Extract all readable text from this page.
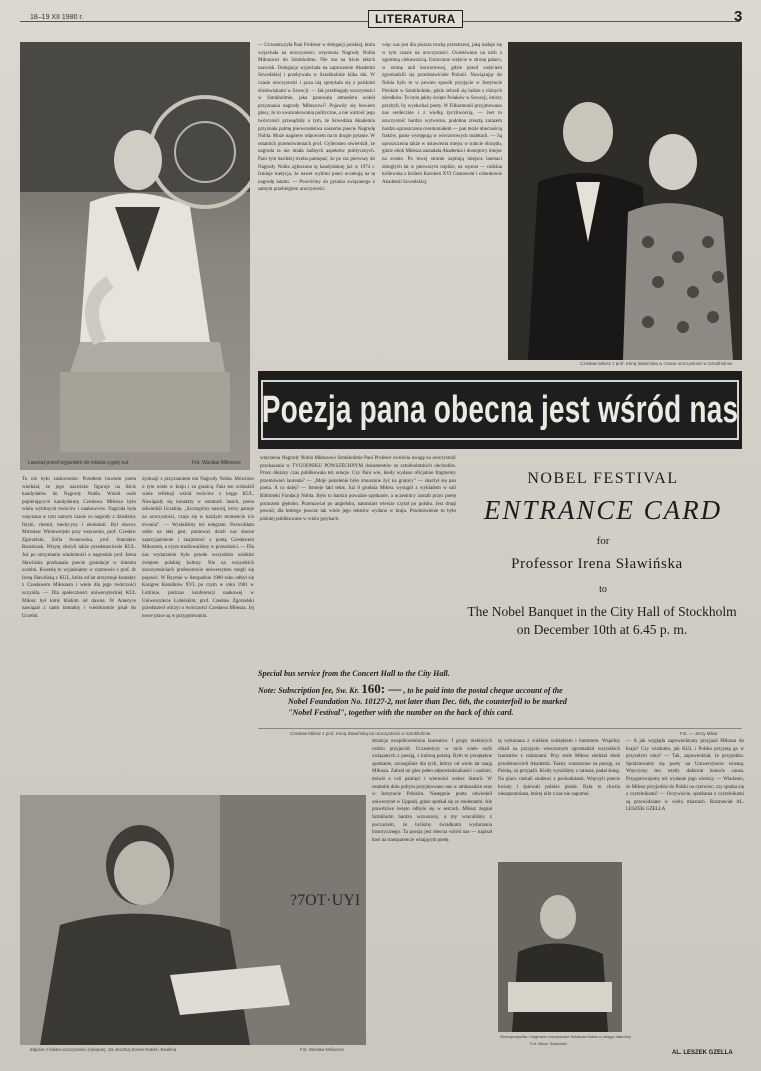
18–19 XII 1980 r.	LITERATURA	3
Laureat przed wyjazdem do miasta cygdy nut	Fot. Wacław Milinerus

— Uczestniczyła Pani Profesor w delegacji polskiej, która wyjechała na uroczystości wręczenia Nagrody Nobla Miłoszowi do Sztokholmu. Nie ma na liście takich nazwisk. Delegacja wyjechała na zaproszenie Akademii Szwedzkiej i przebywała w Sztokholmie kilka dni. W czasie uroczystości i poza nią spotykała się z polskimi środowiskami w Szwecji. — Jak przebiegały uroczystości w Sztokholmie, jaka panowała atmosfera wokół przyznania nagrody Miłoszowi? Pojawiły się bowiem głosy, że to uwarunkowania polityczne, a nie wartość jego twórczości przesądziły o tym, że Szwedzka Akademia przyznała palmę pierwszeństwa naszemu poecie Nagrodę Nobla. Może najpierw odpowiem na to drugie pytanie. W ostatnich przemówieniach prof. Gyllensten stwierdził, że nagroda ta nie miała żadnych aspektów politycznych. Pani tym bardziej trzeba pamiętać, że po raz pierwszy do Nagrody Nobla zgłoszono tę kandydaturę już w 1974 r. Istnieje tradycja, że nawet wybitni poeci oczekują na tę nagrodę latami. — Powróćmy do pytania związanego z samym przebiegiem uroczystości.

więc nas jest dla pisarza trochę przestrzeni, jaką nadaje się w tym czasie na uroczystości. Oczekiwano na nich z ogromną ciekawością. Ustawiono wejście w stronę pałacu, w stronę auli koncertowej, gdzie przed wejściem zgromadzili się przedstawiciele Polonii. Nawiązując do Nobla było to w pewien sposób przyjęcie w Instytucie Polskim w Sztokholmie, gdzie zebrali się ludzie z różnych ośrodków. To było jakby święto Polaków w Szwecji, którzy przybyli, by wysłuchać poety. W Filharmonii przyjmowano nas serdecznie i z wielką życzliwością. — Jest to uroczystość bardzo wytworna, podobna zresztą zarazem bardzo uproszczona ceremoniałem — pan może obecnością fraków, panie występują w wieczorowych toaletach. — Są uproszczenia także w ustawieniu miejsc w trakcie obrzędu, gdzie obok Miłosza zasiadała Akademia i dostojnicy miejsc na scenie. Po lewej stronie zajmują miejsca laureaci ubiegłych lat w pierwszym rzędzie, na wprost — rodzina królewska z królem Karolem XVI Gustawem i członkowie Akademii Szwedzkiej.

Czesław Miłosz z prof. Ireną Sławińską w czasie uroczystości w Sztokholmie
Poezja pana obecna jest wśród nas

To nie było zaskoczenie. Przedtem bowiem poeta wiedział, że jego nazwisko figuruje na liście kandydatów do Nagrody Nobla. Wśród osób popierających kandydaturę Czesława Miłosza było wielu wybitnych twórców i naukowców. Nagroda była wręczana w tym samym czasie co nagrody z dziedziny fizyki, chemii, medycyny i ekonomii. Był obecny Mirosław Wielowiejski przy wręczeniu, prof. Czesław Zgorzelski, Zofia Iwanowska, prof. Stanisław Barańczak. Wizytę złożyli także przedstawiciele KUL. Już po otrzymaniu wiadomości o nagrodzie prof. Irena Sławińska przekazała poecie gratulacje w imieniu uczelni. Kwestię to wyjaśniamy w rozmowie z prof. dr Ireną Sławińską z KUL, która od lat utrzymuje kontakty z Czesławem Miłoszem i wiele dla jego twórczości uczyniła. — Dla społeczności uniwersyteckiej KUL Miłosz był kimś bliskim od dawna. W Ameryce nawiązał z nami kontakty i wielokrotnie pisał do Uczelni.

dyskusji z przyznaniem mu Nagrody Nobla. Mówiono o tym wiele w kraju i za granicą. Fakt ten wzbudził wiele refleksji wśród twórców z kręgu KUL. Nawiązały się kontakty w ostatnich latach, poeta odwiedził Uczelnię. „Szczególny nastrój, który panuje na uroczystości, czuje się w każdym momencie ich trwania”. — Wysłaliśmy też telegram. Pozwoliłam sobie na taki gest, ponieważ dzieli nas dawne zaprzyjaźnienie i znajomość z poetą Czesławem Miłoszem, a czym studiowaliśmy w przeszłości. — Dla nas wydarzenie było przede wszystkim wielkim świętem polskiej kultury. Nie na wszystkich uroczystościach profesorowie uniwersytetu mogli się pojawić. W Rzymie w listopadzie 1980 roku odbył się Kongres Katolików XVI, po czym w roku 1981 w Lublinie, podczas konferencji naukowej w Uniwersytecie Lubelskim, prof. Czesław Zgorzelski przedstawił odczyt o twórczości Czesława Miłosza. Jej nowe prace są w przygotowaniu.

wręczenia Nagrody Nobla Miłoszowi Sztokholmie Pani Profesor zwróciła uwagę na uroczystość przekazania w TYGODNIKU POWSZECHNYM dokumentów ze sztokholmskich obchodów. Przez dłuższy czas publikowała też relacje. Czy Pani wie, kiedy wydano oficjalnie fragmenty przemówień laureata? — „Moje pokolenie było zmuszone żyć na granicy” — skarżył się pan poeta. A co dalej? — Istnieje taki tekst. Już 8 grudnia Miłosz wystąpił z wykładem w sali Biblioteki Fundacji Nobla. Było to bardzo poważne spotkanie, a uczestnicy zostali przez poetę poruszeni głęboko. Przemawiał po angielsku, natomiast wiersze czytał po polsku. Jest drugi powód, dla którego jeszcze tak wiele jego tekstów wydano w kraju. Przemówienie to było później publikowane w wielu językach.

NOBEL FESTIVAL
ENTRANCE CARD
for
Professor Irena Sławińska
to
The Nobel Banquet in the City Hall of Stockholm
on December 10th at 6.45 p. m.
Special bus service from the Concert Hall to the City Hall.
Note: Subscription fee, Sw. Kr. 160: — , to be paid into the postal cheque account of the
Nobel Foundation No. 10127-2, not later than Dec. 6th, the counterfoil to be marked
"Nobel Festival", together with the number on the back of this card.
Czesław Miłosz z prof. Ireną Sławińską na uroczystości w Sztokholmie.	Fot. — Jerzy Mikar
?7OT·UYI
Zdjęcie z bliska uroczystości (rękopis). Za otoczką Scene Nobel i Ewelina	Fot. Wacław Milinerus

strukcja uwspółcześniona laureatów. I grupy niektórych rodzin przyjaciół. Uczestniczy w nich wiele osób związanych z poezją, z kulturą polską. Było to przepiękne spotkanie, szczególnie dla tych, którzy od wielu lat znają Miłosza. Zabrał on głos pełen odpowiedzialności i nadziei, mówił o roli pamięci i wierności wobec historii. W ostatnim dniu pobytu przyjmowano nas w ambasadzie oraz w Instytucie Polskim. Następnie poeta odwiedził uniwersytet w Uppsali, gdzie spotkał się ze studentami. Ale prawdziwe święto odbyło się w sercach. Miłosz żegnał Sztokholm bardzo wzruszony, a my wracaliśmy z poczuciem, że byliśmy świadkami wydarzenia historycznego. Ta poezja jest obecna wśród nas — napisał ktoś na transparencie witającym poetę.

tą wykonana z wielkim wdziękiem i humorem. Wspólny obiad na przyjęciu wieczornym zgromadził wszystkich laureatów z rodzinami. Przy stole Miłosz siedział obok przedstawicieli Akademii. Toasty wznoszono za poezję, za Polskę, za przyjaźń. Kiedy wyszliśmy z ratusza, padał śnieg. Na placu czekali studenci z pochodniami. Wręczyli poecie kwiaty i śpiewali polskie pieśni. Była to chwila niezapomniana, której nikt z nas nie zapomni.

— A jak wygląda zapowiedziany przyjazd Miłosza do kraju? Czy wiadomo, jak KUL i Polska przyjmą go w przyszłym roku? — Tak, zapowiedział, że przyjedzie. Spodziewamy się poety na Uniwersytecie wiosną. Wręczymy mu wtedy doktorat honoris causa. Przygotowujemy też wydanie jego wierszy. — Wiadomo, że Miłosz przyjedzie do Polski na czerwiec; czy spotka się z czytelnikami? — Oczywiście, spotkania z czytelnikami są przewidziane w wielu miastach. Rozmawiał AL. LESZEK GZELLA

Rzeczpospolita / fragment uroczystości Szkatuła Nobla w okręgu latarnicy
Fot. Mikar, Stawiński
AL. LESZEK GZELLA
